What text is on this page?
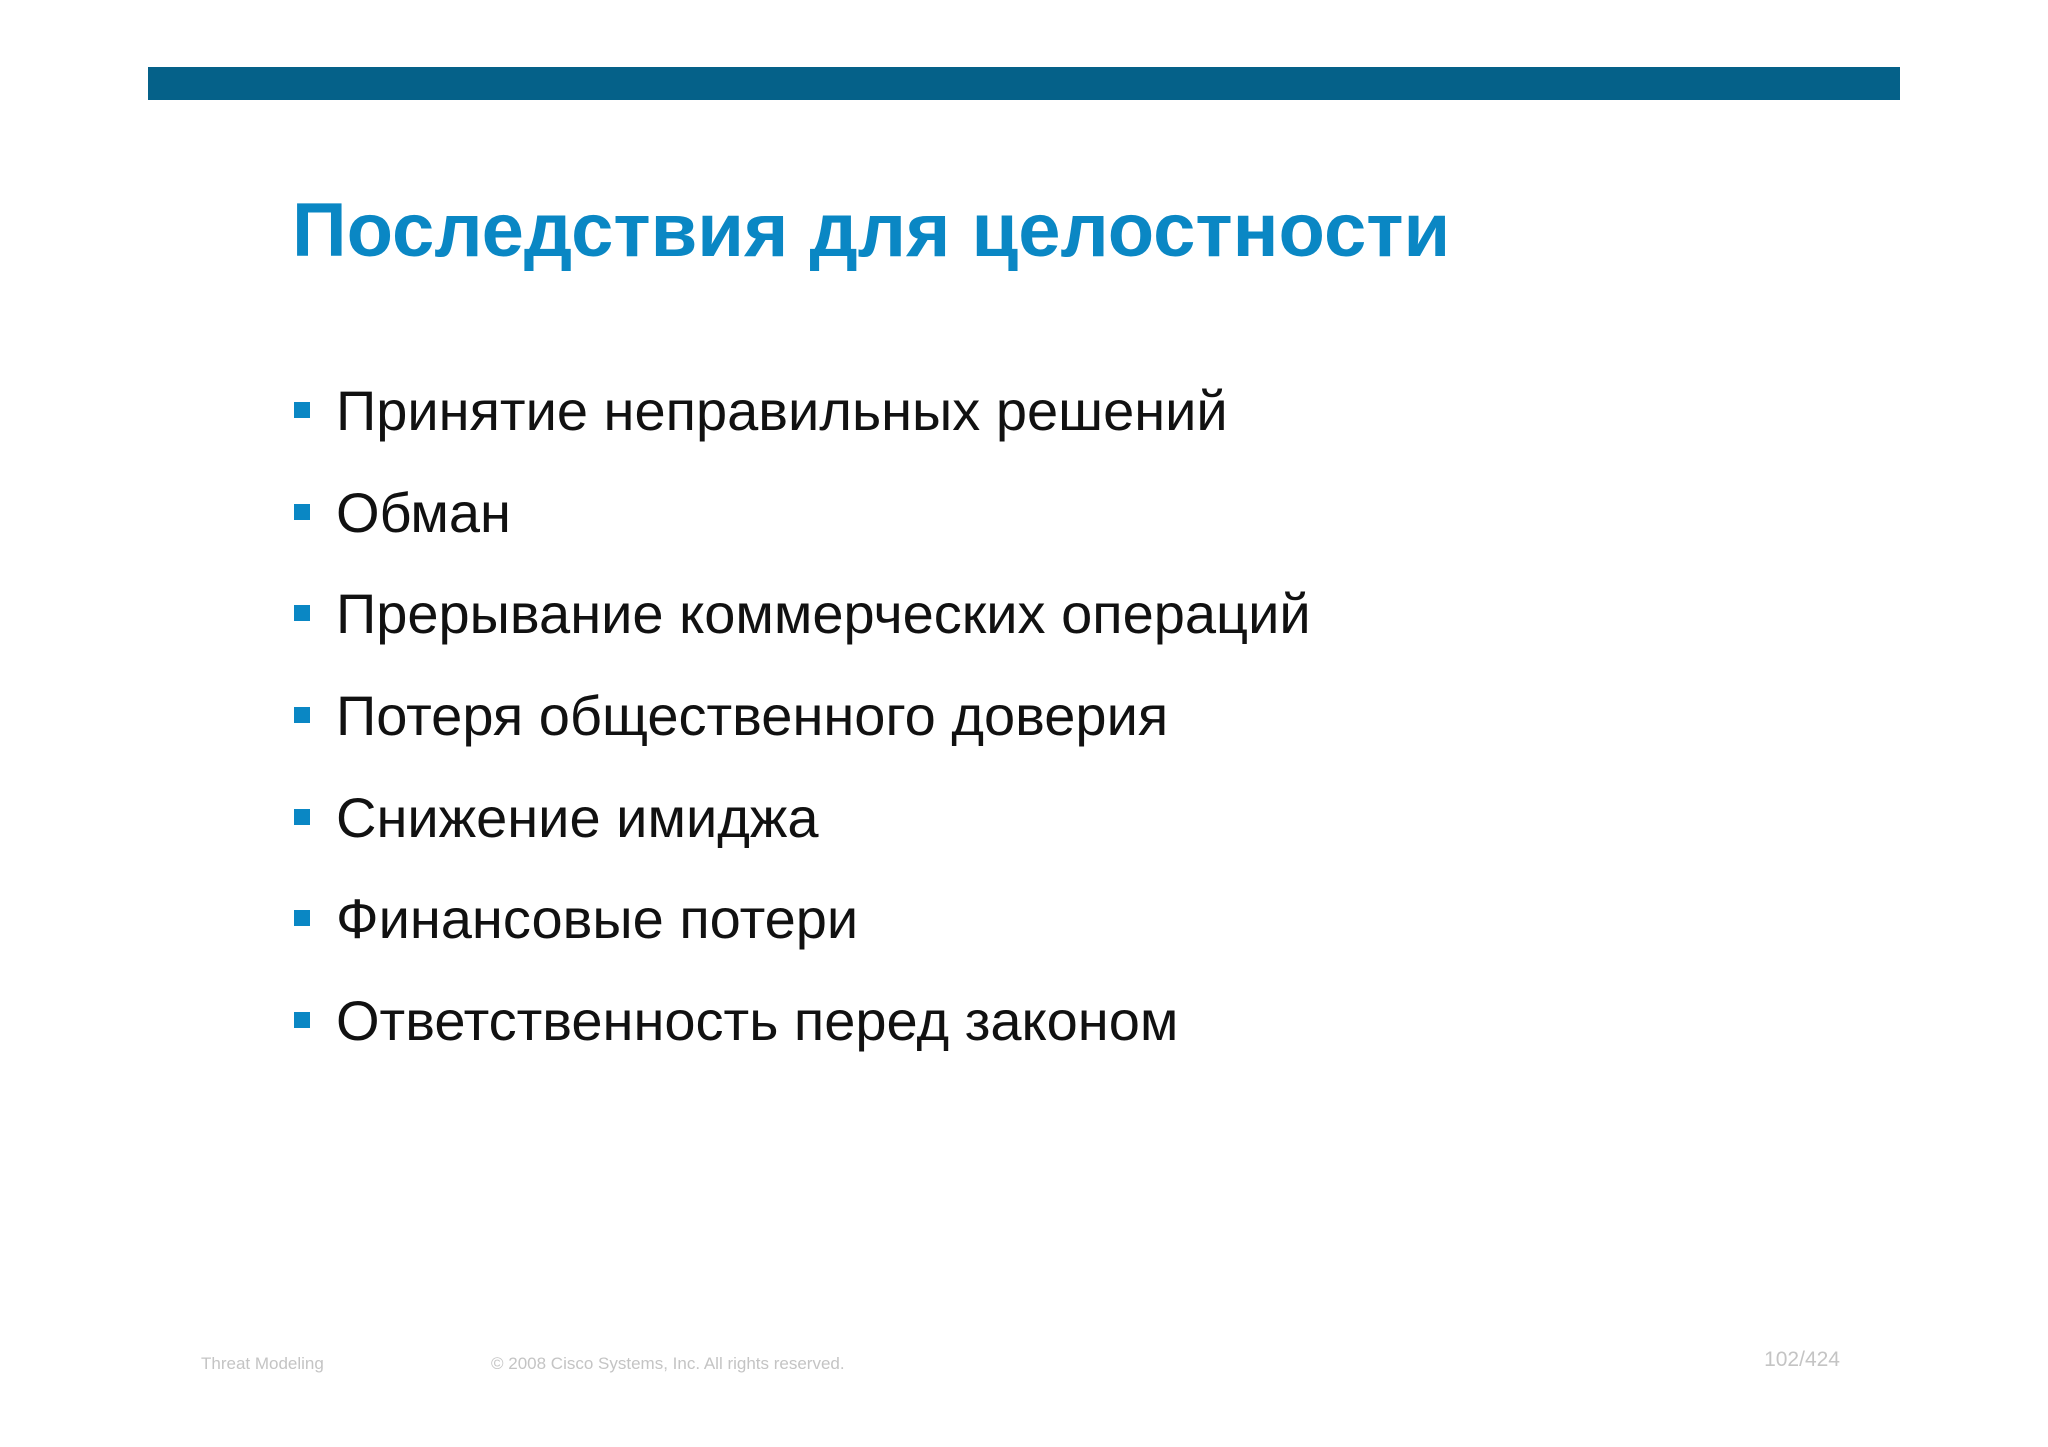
Последствия для целостности
Принятие неправильных решений
Обман
Прерывание коммерческих операций
Потеря общественного доверия
Снижение имиджа
Финансовые потери
Ответственность перед законом
Threat Modeling	© 2008 Cisco Systems, Inc. All rights reserved.	102/424
